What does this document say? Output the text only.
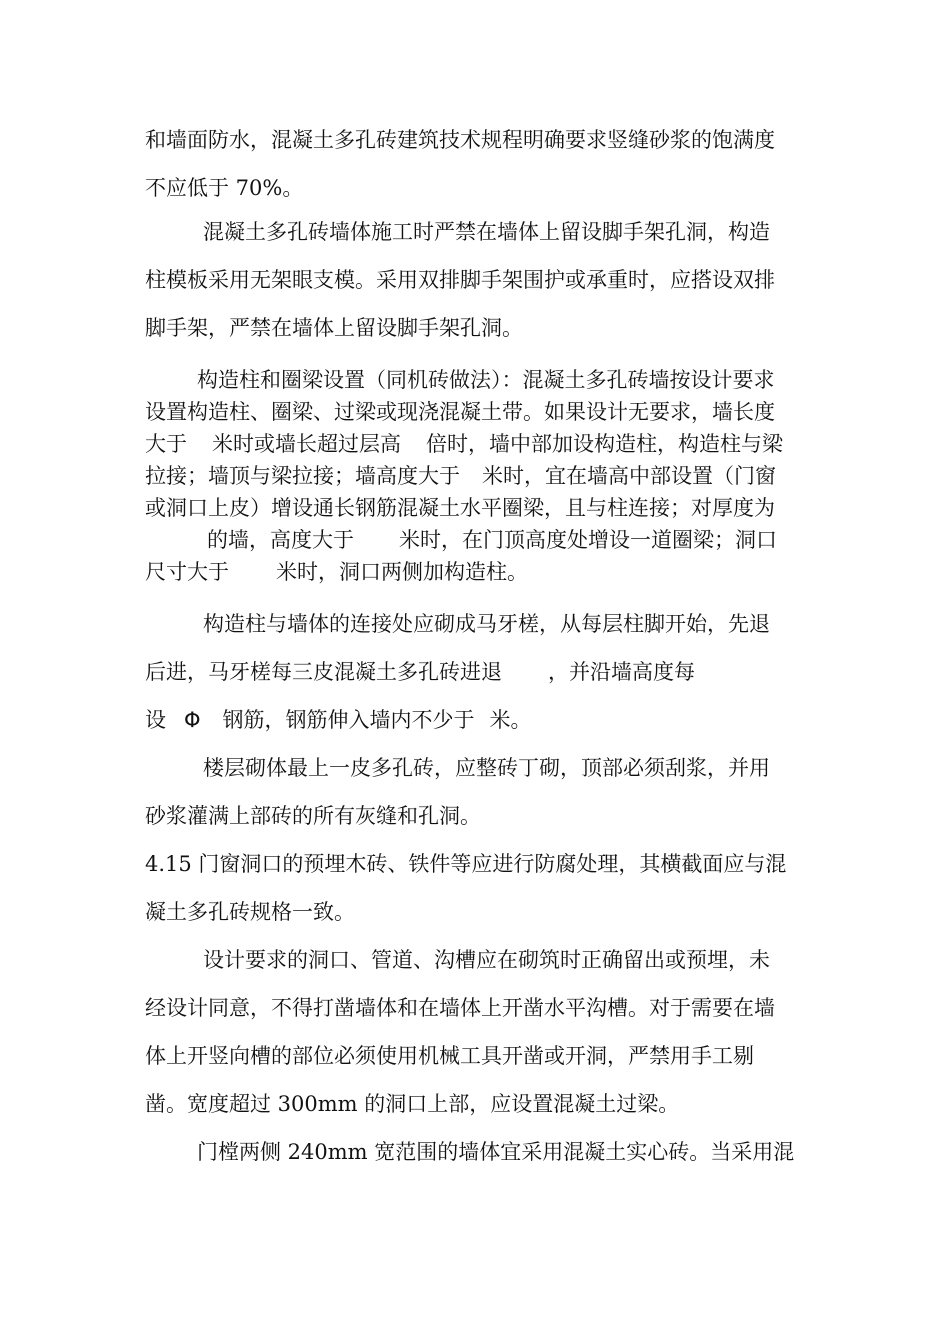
和墙面防水，混凝土多孔砖建筑技术规程明确要求竖缝砂浆的饱满度
不应低于 70%。
混凝土多孔砖墙体施工时严禁在墙体上留设脚手架孔洞，构造
柱模板采用无架眼支模。采用双排脚手架围护或承重时，应搭设双排
脚手架，严禁在墙体上留设脚手架孔洞。
构造柱和圈梁设置（同机砖做法）：混凝土多孔砖墙按设计要求
设置构造柱、圈梁、过梁或现浇混凝土带。如果设计无要求，墙长度
大于 米时或墙长超过层高 倍时，墙中部加设构造柱，构造柱与梁
拉接；墙顶与梁拉接；墙高度大于 米时，宜在墙高中部设置（门窗
或洞口上皮）增设通长钢筋混凝土水平圈梁，且与柱连接；对厚度为
的墙，高度大于 米时，在门顶高度处增设一道圈梁；洞口
尺寸大于 米时，洞口两侧加构造柱。
构造柱与墙体的连接处应砌成马牙槎，从每层柱脚开始，先退
后进，马牙槎每三皮混凝土多孔砖进退 ，并沿墙高度每
设 Φ 钢筋，钢筋伸入墙内不少于 米。
楼层砌体最上一皮多孔砖，应整砖丁砌，顶部必须刮浆，并用
砂浆灌满上部砖的所有灰缝和孔洞。
4.15 门窗洞口的预埋木砖、铁件等应进行防腐处理，其横截面应与混
凝土多孔砖规格一致。
设计要求的洞口、管道、沟槽应在砌筑时正确留出或预埋，未
经设计同意，不得打凿墙体和在墙体上开凿水平沟槽。对于需要在墙
体上开竖向槽的部位必须使用机械工具开凿或开洞，严禁用手工剔
凿。宽度超过 300mm 的洞口上部，应设置混凝土过梁。
门樘两侧 240mm 宽范围的墙体宜采用混凝土实心砖。当采用混
